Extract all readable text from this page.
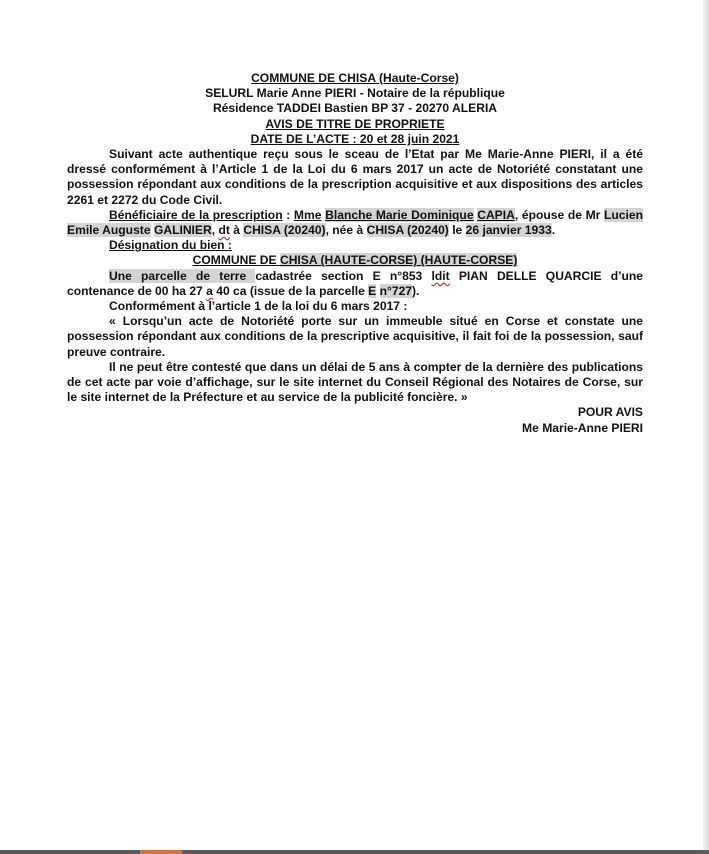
COMMUNE DE CHISA (Haute-Corse)
SELURL Marie Anne PIERI - Notaire de la république
Résidence TADDEI Bastien BP 37 - 20270 ALERIA
AVIS DE TITRE DE PROPRIETE
DATE DE L’ACTE : 20 et 28 juin 2021
Suivant acte authentique reçu sous le sceau de l’Etat par Me Marie-Anne PIERI, il a été dressé conformément à l’Article 1 de la Loi du 6 mars 2017 un acte de Notoriété constatant une possession répondant aux conditions de la prescription acquisitive et aux dispositions des articles 2261 et 2272 du Code Civil.
Bénéficiaire de la prescription : Mme Blanche Marie Dominique CAPIA, épouse de Mr Lucien Emile Auguste GALINIER, dt à CHISA (20240), née à CHISA (20240) le 26 janvier 1933.
Désignation du bien :
COMMUNE DE CHISA (HAUTE-CORSE) (HAUTE-CORSE)
Une parcelle de terre cadastrée section E n°853 ldit PIAN DELLE QUARCIE d’une contenance de 00 ha 27 a 40 ca (issue de la parcelle E n°727).
Conformément à l’article 1 de la loi du 6 mars 2017 :
« Lorsqu’un acte de Notoriété porte sur un immeuble situé en Corse et constate une possession répondant aux conditions de la prescriptive acquisitive, il fait foi de la possession, sauf preuve contraire.
Il ne peut être contesté que dans un délai de 5 ans à compter de la dernière des publications de cet acte par voie d’affichage, sur le site internet du Conseil Régional des Notaires de Corse, sur le site internet de la Préfecture et au service de la publicité foncière. »
POUR AVIS
Me Marie-Anne PIERI
